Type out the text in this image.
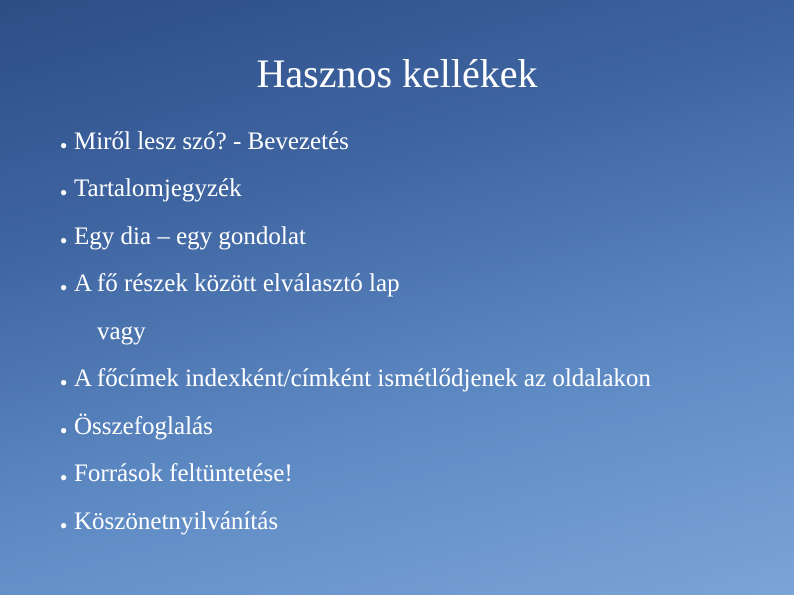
Hasznos kellékek
● Miről lesz szó? - Bevezetés
● Tartalomjegyzék
● Egy dia – egy gondolat
● A fő részek között elválasztó lap
vagy
● A főcímek indexként/címként ismétlődjenek az oldalakon
● Összefoglalás
● Források feltüntetése!
● Köszönetnyilvánítás
